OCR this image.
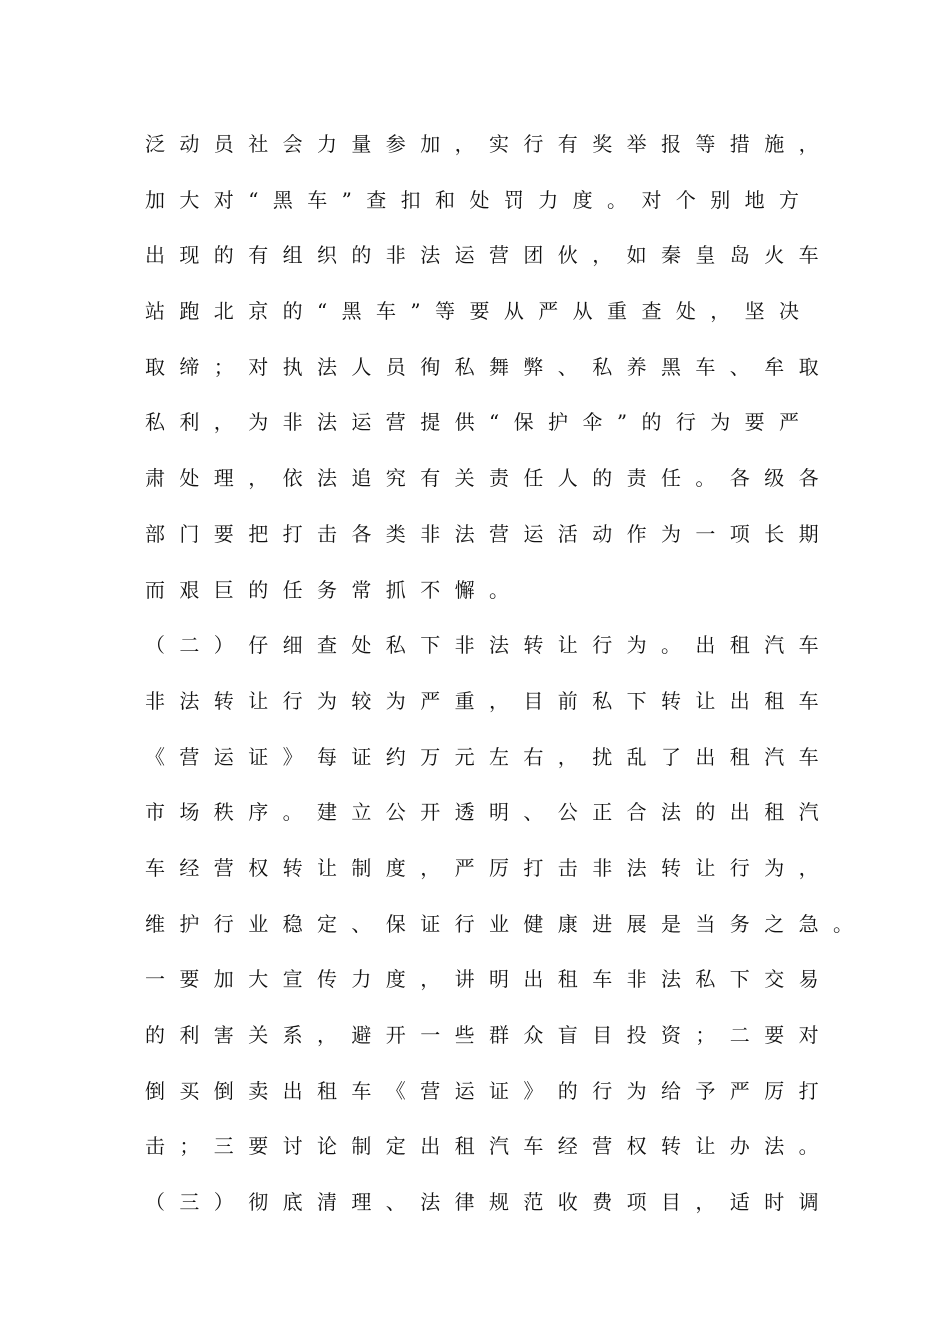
泛动员社会力量参加，实行有奖举报等措施，
加大对“黑车”查扣和处罚力度。对个别地方
出现的有组织的非法运营团伙，如秦皇岛火车
站跑北京的“黑车”等要从严从重查处，坚决
取缔；对执法人员徇私舞弊、私养黑车、牟取
私利，为非法运营提供“保护伞”的行为要严
肃处理，依法追究有关责任人的责任。各级各
部门要把打击各类非法营运活动作为一项长期
而艰巨的任务常抓不懈。
（二）仔细查处私下非法转让行为。出租汽车
非法转让行为较为严重，目前私下转让出租车
《营运证》每证约万元左右，扰乱了出租汽车
市场秩序。建立公开透明、公正合法的出租汽
车经营权转让制度，严厉打击非法转让行为，
维护行业稳定、保证行业健康进展是当务之急。
一要加大宣传力度，讲明出租车非法私下交易
的利害关系，避开一些群众盲目投资；二要对
倒买倒卖出租车《营运证》的行为给予严厉打
击；三要讨论制定出租汽车经营权转让办法。
（三）彻底清理、法律规范收费项目，适时调
